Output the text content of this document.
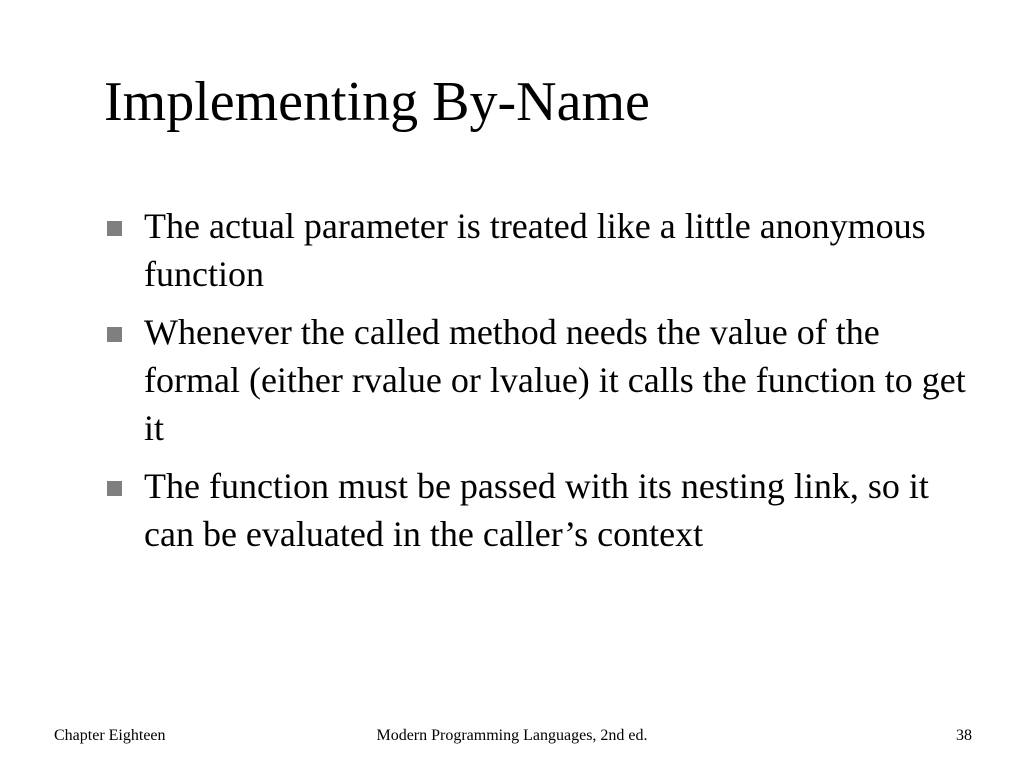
Implementing By-Name
The actual parameter is treated like a little anonymous function
Whenever the called method needs the value of the formal (either rvalue or lvalue) it calls the function to get it
The function must be passed with its nesting link, so it can be evaluated in the caller’s context
Chapter Eighteen	Modern Programming Languages, 2nd ed.	38
